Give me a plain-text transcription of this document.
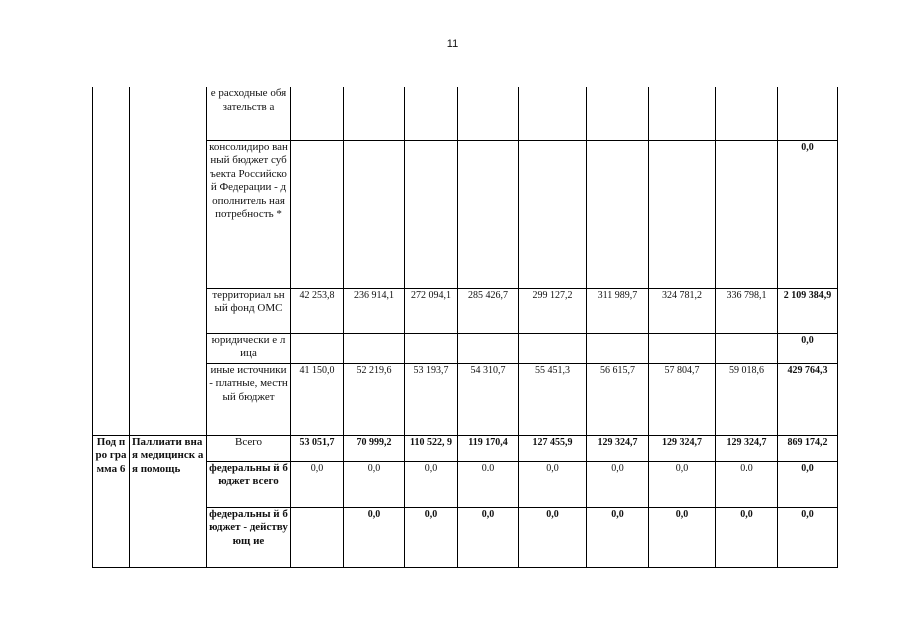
11
		е расходные обязательств а									
		консолидиро ванный бюджет субъекта Российской Федерации - дополнитель ная потребность *									0,0
		территориал ьный фонд ОМС	42 253,8	236 914,1	272 094,1	285 426,7	299 127,2	311 989,7	324 781,2	336 798,1	2 109 384,9
		юридически е лица									0,0
		иные источники - платные, местный бюджет	41 150,0	52 219,6	53 193,7	54 310,7	55 451,3	56 615,7	57 804,7	59 018,6	429 764,3
Под про гра мма 6	Паллиати вная медицинск ая помощь	Всего	53 051,7	70 999,2	110 522, 9	119 170,4	127 455,9	129 324,7	129 324,7	129 324,7	869 174,2
		федеральны й бюджет всего	0,0	0,0	0,0	0.0	0,0	0,0	0,0	0.0	0,0
		федеральны й бюджет - действующ ие		0,0	0,0	0,0	0,0	0,0	0,0	0,0	0,0
